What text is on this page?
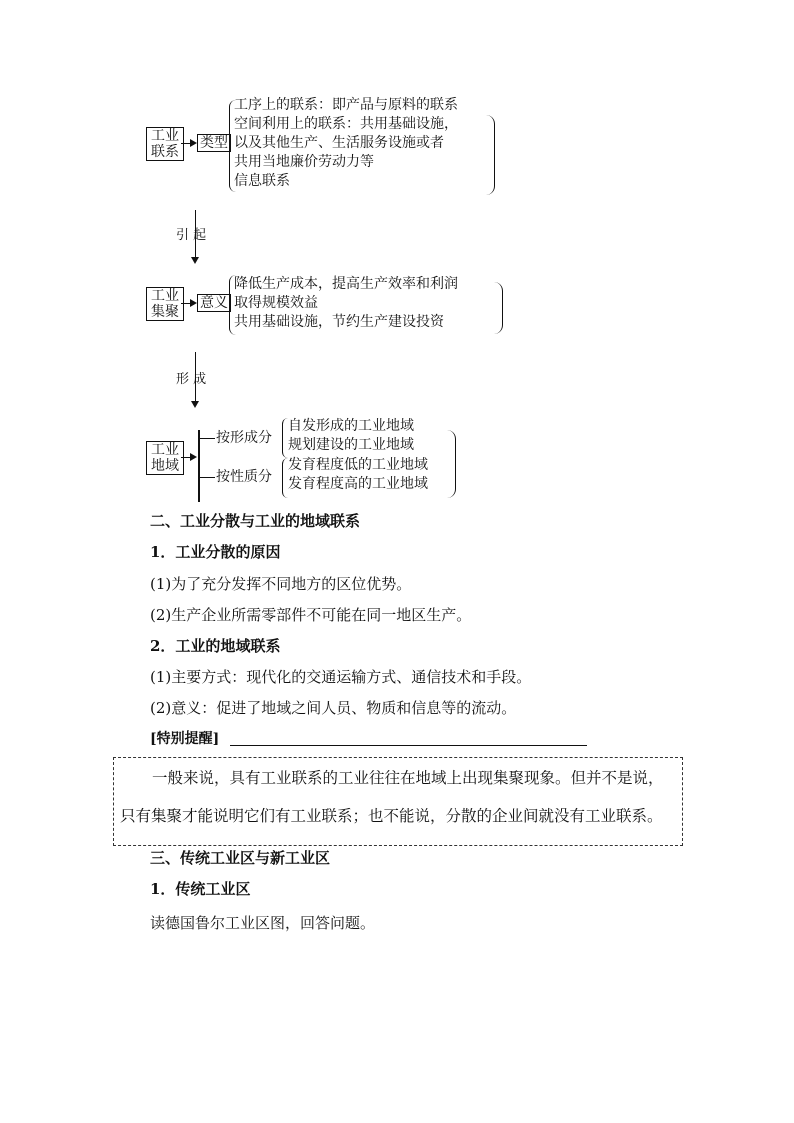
工业
联系
类型
工序上的联系：即产品与原料的联系
空间利用上的联系：共用基础设施，
以及其他生产、生活服务设施或者
共用当地廉价劳动力等
信息联系
引 起
工业
集聚
意义
降低生产成本，提高生产效率和利润
取得规模效益
共用基础设施，节约生产建设投资
形 成
工业
地域
按形成分
自发形成的工业地域
规划建设的工业地域
按性质分
发育程度低的工业地域
发育程度高的工业地域
二、工业分散与工业的地域联系
1．工业分散的原因
(1)为了充分发挥不同地方的区位优势。
(2)生产企业所需零部件不可能在同一地区生产。
2．工业的地域联系
(1)主要方式：现代化的交通运输方式、通信技术和手段。
(2)意义：促进了地域之间人员、物质和信息等的流动。
[特别提醒]
一般来说，具有工业联系的工业往往在地域上出现集聚现象。但并不是说，
只有集聚才能说明它们有工业联系；也不能说，分散的企业间就没有工业联系。
三、传统工业区与新工业区
1．传统工业区
读德国鲁尔工业区图，回答问题。
